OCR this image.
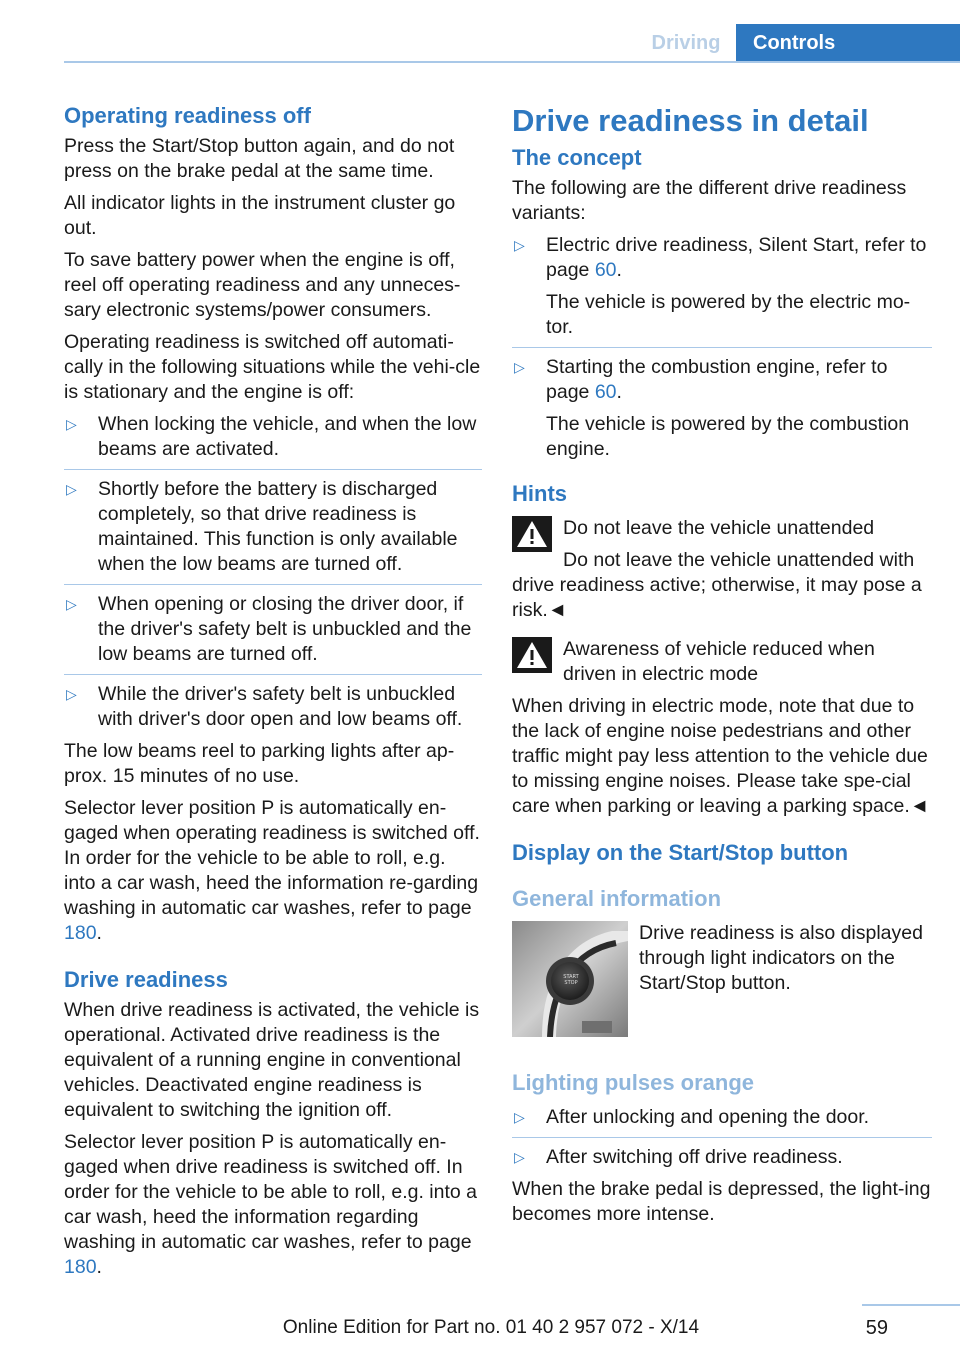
Driving	Controls
Operating readiness off

Press the Start/Stop button again, and do not press on the brake pedal at the same time.

All indicator lights in the instrument cluster go out.

To save battery power when the engine is off, reel off operating readiness and any unneces-sary electronic systems/power consumers.

Operating readiness is switched off automati-cally in the following situations while the vehi-cle is stationary and the engine is off:

▷ When locking the vehicle, and when the low beams are activated.

▷ Shortly before the battery is discharged completely, so that drive readiness is maintained. This function is only available when the low beams are turned off.

▷ When opening or closing the driver door, if the driver's safety belt is unbuckled and the low beams are turned off.

▷ While the driver's safety belt is unbuckled with driver's door open and low beams off.

The low beams reel to parking lights after ap-prox. 15 minutes of no use.

Selector lever position P is automatically en-gaged when operating readiness is switched off. In order for the vehicle to be able to roll, e.g. into a car wash, heed the information re-garding washing in automatic car washes, refer to page 180.

Drive readiness

When drive readiness is activated, the vehicle is operational. Activated drive readiness is the equivalent of a running engine in conventional vehicles. Deactivated engine readiness is equivalent to switching the ignition off.

Selector lever position P is automatically en-gaged when drive readiness is switched off. In order for the vehicle to be able to roll, e.g. into a car wash, heed the information regarding washing in automatic car washes, refer to page 180.

Drive readiness in detail
The concept

The following are the different drive readiness variants:

▷ Electric drive readiness, Silent Start, refer to page 60.

The vehicle is powered by the electric mo-tor.

▷ Starting the combustion engine, refer to page 60.

The vehicle is powered by the combustion engine.

Hints

Do not leave the vehicle unattended

Do not leave the vehicle unattended with drive readiness active; otherwise, it may pose a risk.◄

Awareness of vehicle reduced when driven in electric mode

When driving in electric mode, note that due to the lack of engine noise pedestrians and other traffic might pay less attention to the vehicle due to missing engine noises. Please take spe-cial care when parking or leaving a parking space.◄

Display on the Start/Stop button
General information
START STOP

Drive readiness is also displayed through light indicators on the Start/Stop button.

Lighting pulses orange
▷ After unlocking and opening the door.

▷ After switching off drive readiness.

When the brake pedal is depressed, the light-ing becomes more intense.

59
Online Edition for Part no. 01 40 2 957 072 - X/14
